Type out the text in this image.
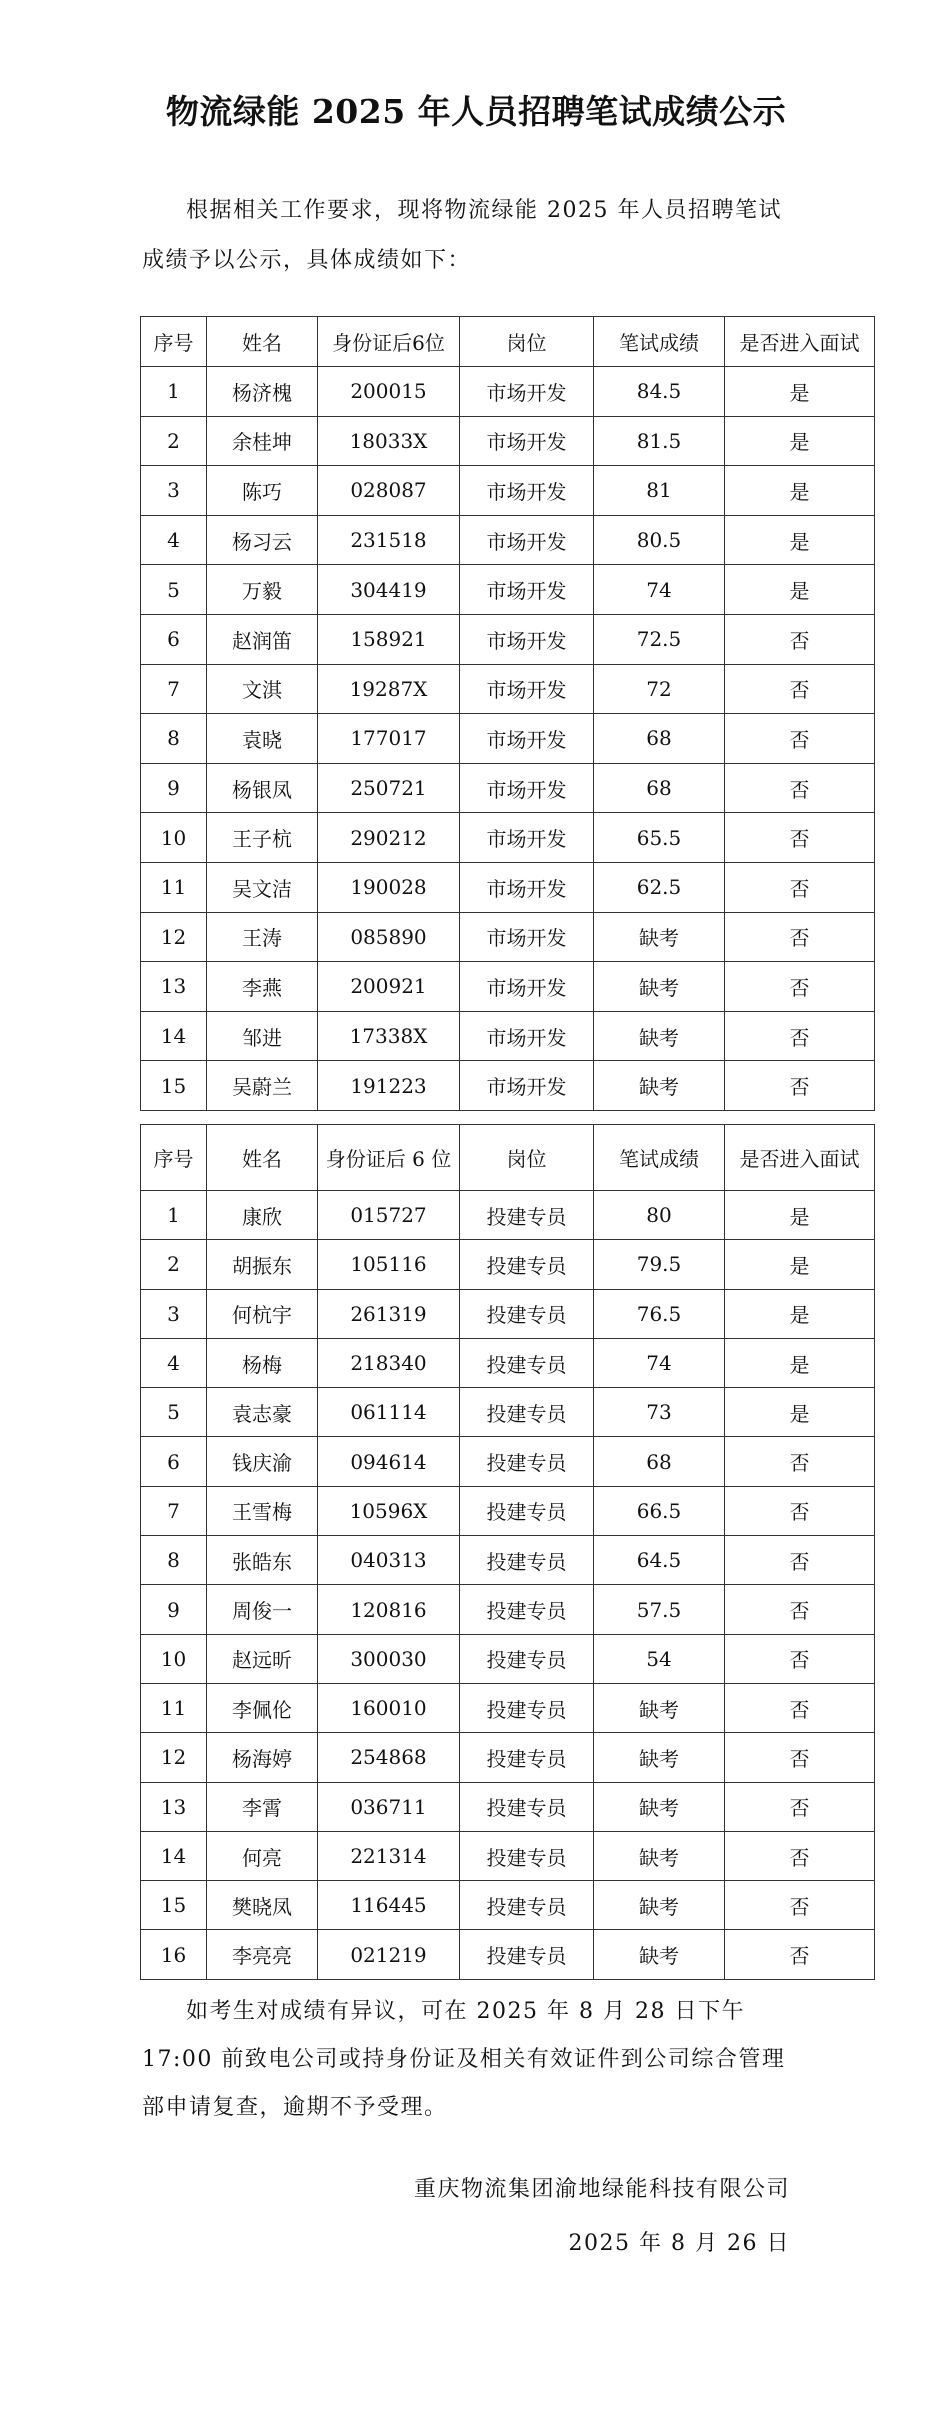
物流绿能 2025 年人员招聘笔试成绩公示
根据相关工作要求，现将物流绿能 2025 年人员招聘笔试成绩予以公示，具体成绩如下：
序号	姓名	身份证后6位	岗位	笔试成绩	是否进入面试
1	杨济槐	200015	市场开发	84.5	是
2	余桂坤	18033X	市场开发	81.5	是
3	陈巧	028087	市场开发	81	是
4	杨习云	231518	市场开发	80.5	是
5	万毅	304419	市场开发	74	是
6	赵润笛	158921	市场开发	72.5	否
7	文淇	19287X	市场开发	72	否
8	袁晓	177017	市场开发	68	否
9	杨银凤	250721	市场开发	68	否
10	王子杭	290212	市场开发	65.5	否
11	吴文洁	190028	市场开发	62.5	否
12	王涛	085890	市场开发	缺考	否
13	李燕	200921	市场开发	缺考	否
14	邹进	17338X	市场开发	缺考	否
15	吴蔚兰	191223	市场开发	缺考	否
序号	姓名	身份证后 6 位	岗位	笔试成绩	是否进入面试
1	康欣	015727	投建专员	80	是
2	胡振东	105116	投建专员	79.5	是
3	何杭宇	261319	投建专员	76.5	是
4	杨梅	218340	投建专员	74	是
5	袁志豪	061114	投建专员	73	是
6	钱庆渝	094614	投建专员	68	否
7	王雪梅	10596X	投建专员	66.5	否
8	张皓东	040313	投建专员	64.5	否
9	周俊一	120816	投建专员	57.5	否
10	赵远昕	300030	投建专员	54	否
11	李佩伦	160010	投建专员	缺考	否
12	杨海婷	254868	投建专员	缺考	否
13	李霄	036711	投建专员	缺考	否
14	何亮	221314	投建专员	缺考	否
15	樊晓凤	116445	投建专员	缺考	否
16	李亮亮	021219	投建专员	缺考	否
如考生对成绩有异议，可在 2025 年 8 月 28 日下午 17:00 前致电公司或持身份证及相关有效证件到公司综合管理部申请复查，逾期不予受理。
重庆物流集团渝地绿能科技有限公司
2025 年 8 月 26 日
